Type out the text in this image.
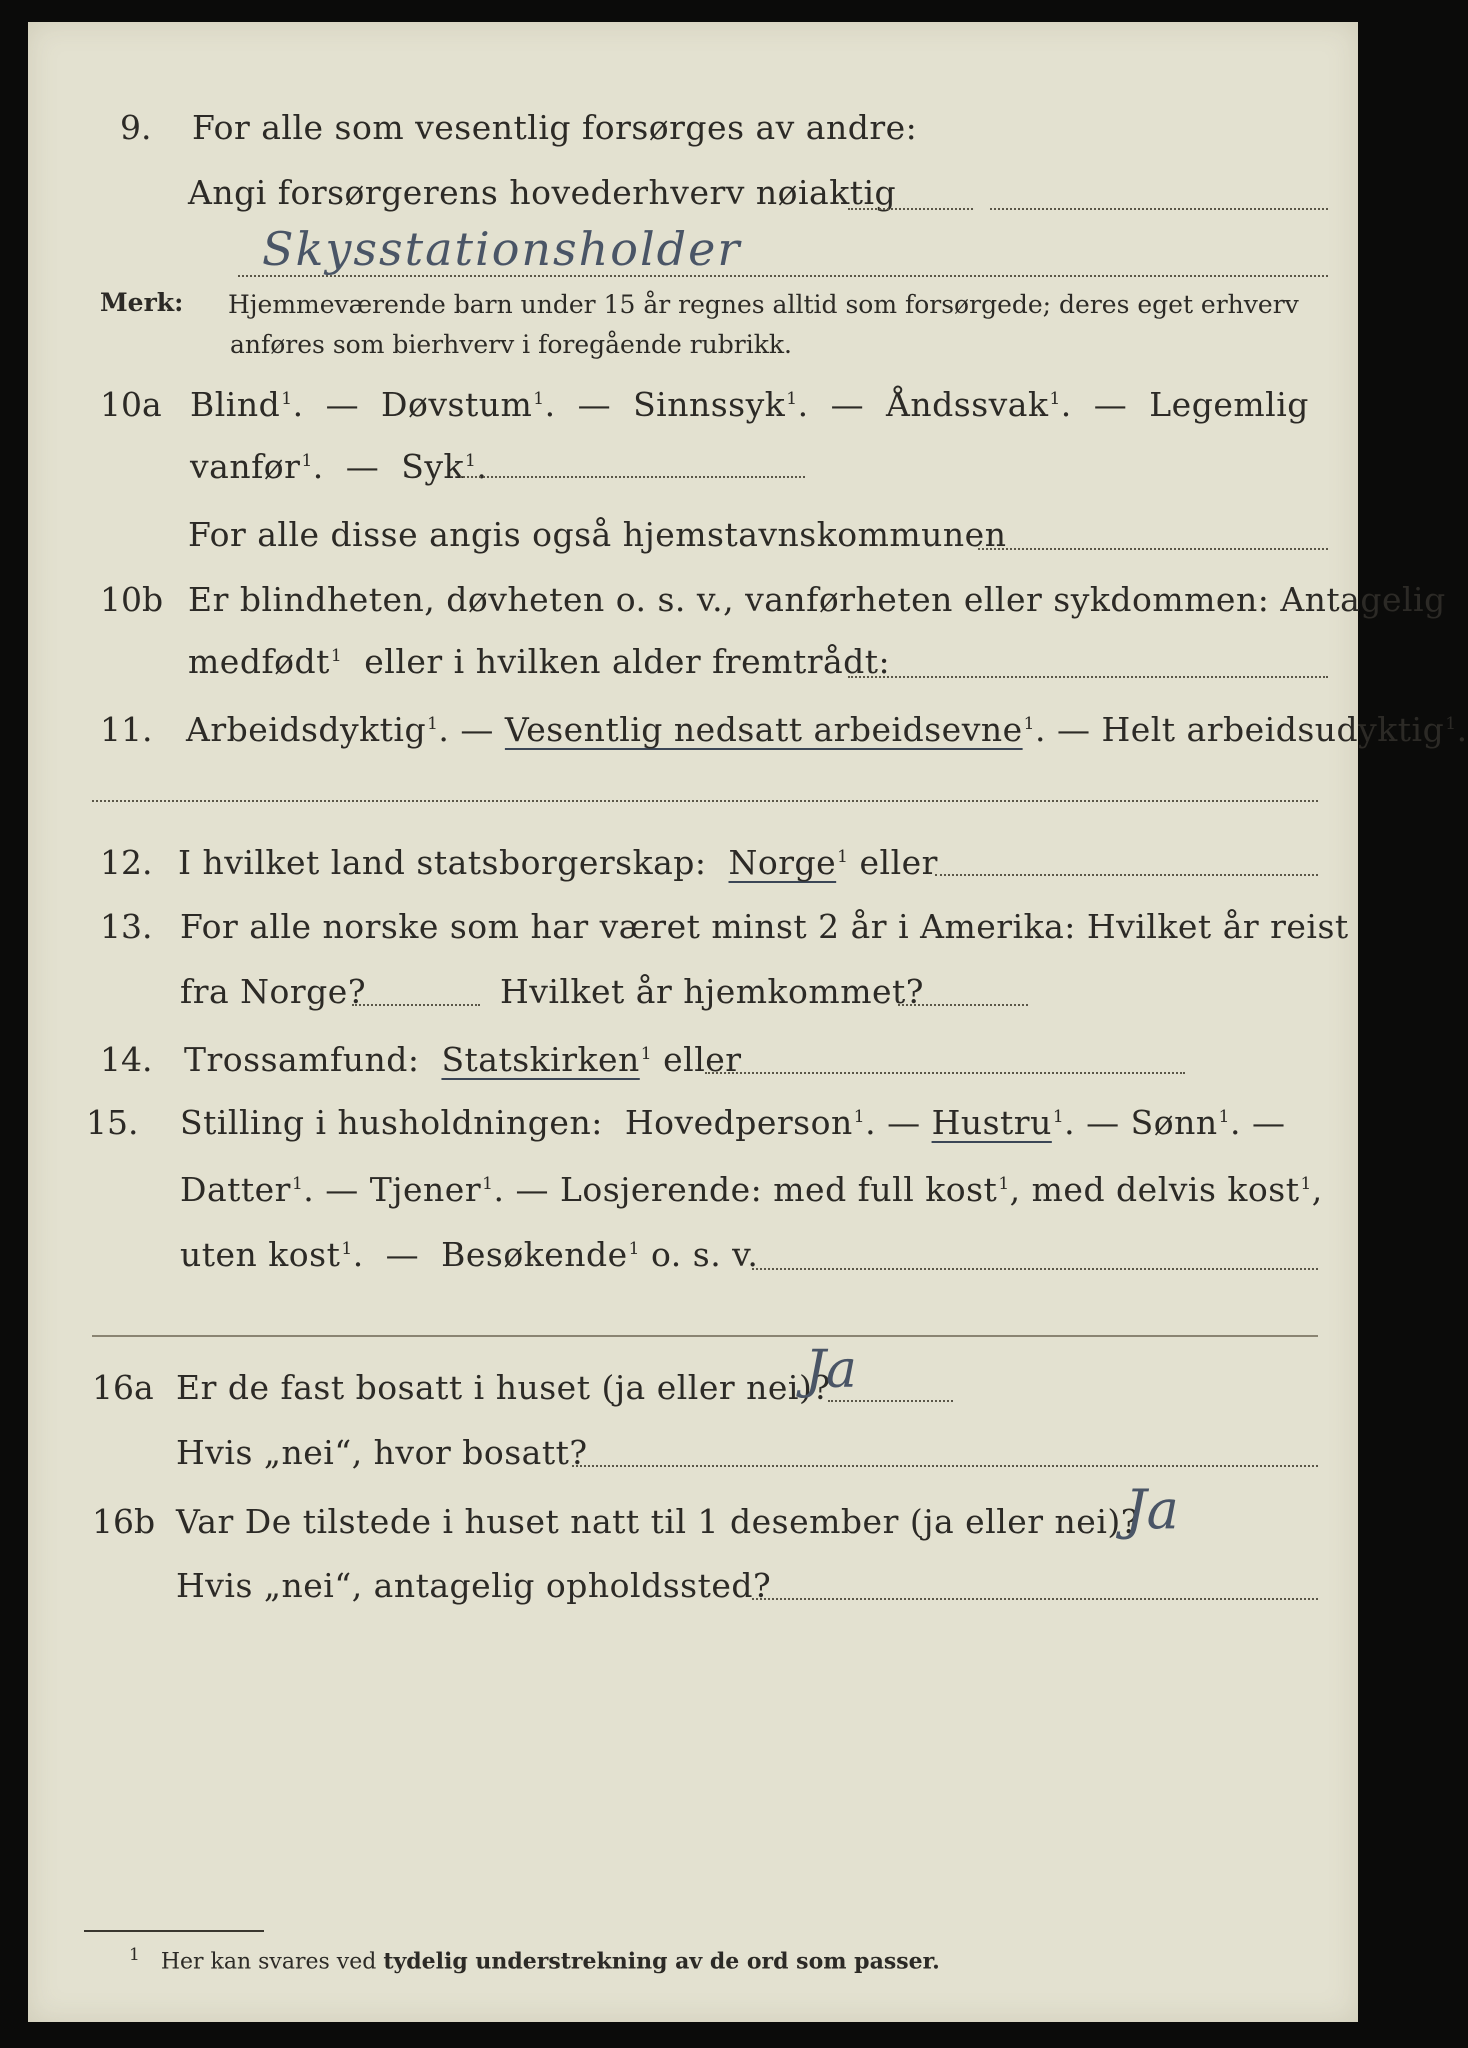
9. For alle som vesentlig forsørges av andre:
Angi forsørgerens hovederhverv nøiaktig
Skysstationsholder
Merk: Hjemmeværende barn under 15 år regnes alltid som forsørgede; deres eget erhverv
anføres som bierhverv i foregående rubrikk.
10a Blind$^1$.  — Døvstum$^1$.  — Sinnssyk$^1$.  — Åndssvak$^1$.  — Legemlig
vanfør$^1$.  — Syk$^1$.
For alle disse angis også hjemstavnskommunen
10b Er blindheten, døvheten o. s. v., vanførheten eller sykdommen: Antagelig
medfødt$^1$ eller i hvilken alder fremtrådt:
11. Arbeidsdyktig$^1$. — Vesentlig nedsatt arbeidsevne$^1$. — Helt arbeidsudyktig$^1$.
12. I hvilket land statsborgerskap: Norge$^1$ eller
13. For alle norske som har været minst 2 år i Amerika: Hvilket år reist
fra Norge?	Hvilket år hjemkommet?
14. Trossamfund: Statskirken$^1$ eller
15. Stilling i husholdningen: Hovedperson$^1$. — Hustru$^1$. — Sønn$^1$. —
Datter$^1$. — Tjener$^1$. — Losjerende: med full kost$^1$, med delvis kost$^1$,
uten kost$^1$.  — Besøkende$^1$ o. s. v.
16a Er de fast bosatt i huset (ja eller nei)?
Ja
Hvis „nei“, hvor bosatt?
16b Var De tilstede i huset natt til 1 desember (ja eller nei)?
Ja
Hvis „nei“, antagelig opholdssted?
$^1$ Her kan svares ved tydelig understrekning av de ord som passer.
